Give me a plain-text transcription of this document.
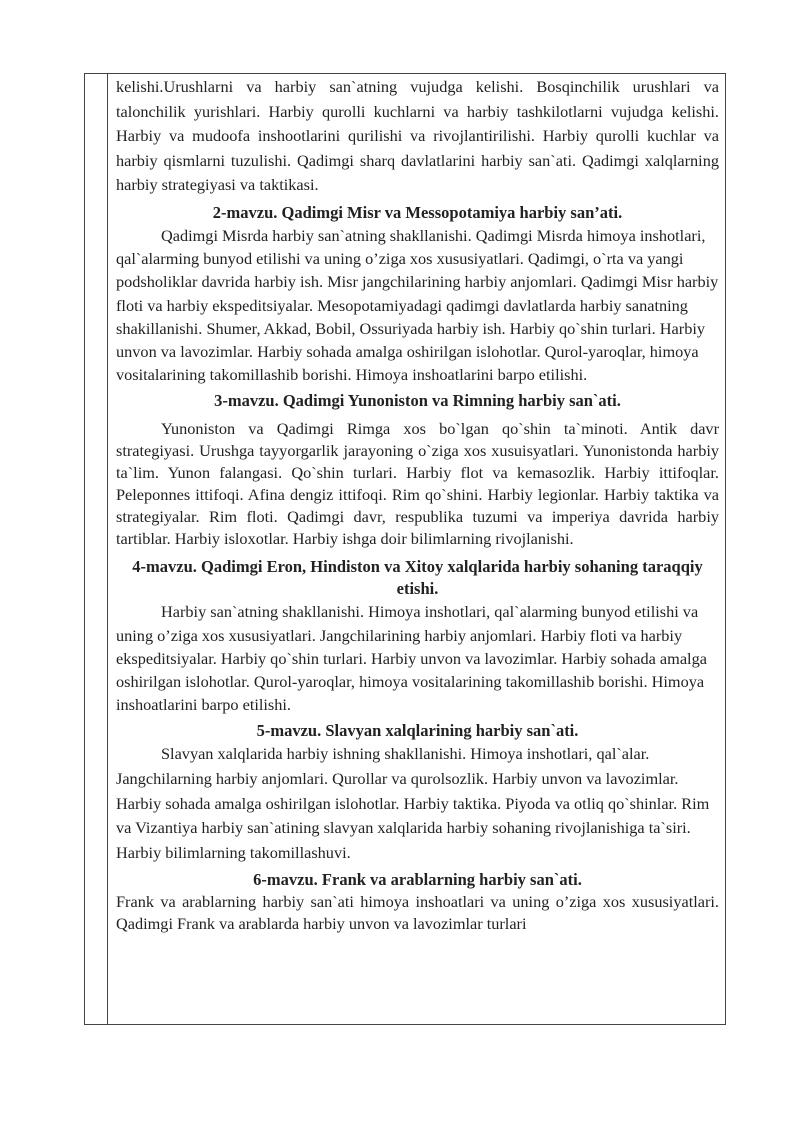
kelishi.Urushlarni va harbiy san`atning vujudga kelishi. Bosqinchilik urushlari va talonchilik yurishlari. Harbiy qurolli kuchlarni va harbiy tashkilotlarni vujudga kelishi. Harbiy va mudoofa inshootlarini qurilishi va rivojlantirilishi. Harbiy qurolli kuchlar va harbiy qismlarni tuzulishi. Qadimgi sharq davlatlarini harbiy san`ati. Qadimgi xalqlarning harbiy strategiyasi va taktikasi.

2-mavzu. Qadimgi Misr va Messopotamiya harbiy san’ati.

Qadimgi Misrda harbiy san`atning shakllanishi. Qadimgi Misrda himoya inshotlari, qal`alarming bunyod etilishi va uning o’ziga xos xususiyatlari. Qadimgi, o`rta va yangi podsholiklar davrida harbiy ish. Misr jangchilarining harbiy anjomlari. Qadimgi Misr harbiy floti va harbiy ekspeditsiyalar. Mesopotamiyadagi qadimgi davlatlarda harbiy sanatning shakillanishi. Shumer, Akkad, Bobil, Ossuriyada harbiy ish. Harbiy qo`shin turlari. Harbiy unvon va lavozimlar. Harbiy sohada amalga oshirilgan islohotlar. Qurol-yaroqlar, himoya vositalarining takomillashib borishi. Himoya inshoatlarini barpo etilishi.

3-mavzu. Qadimgi Yunoniston va Rimning harbiy san`ati.

Yunoniston va Qadimgi Rimga xos bo`lgan qo`shin ta`minoti. Antik davr strategiyasi. Urushga tayyorgarlik jarayoning o`ziga xos xusuisyatlari. Yunonistonda harbiy ta`lim. Yunon falangasi. Qo`shin turlari. Harbiy flot va kemasozlik. Harbiy ittifoqlar. Peleponnes ittifoqi. Afina dengiz ittifoqi. Rim qo`shini. Harbiy legionlar. Harbiy taktika va strategiyalar. Rim floti. Qadimgi davr, respublika tuzumi va imperiya davrida harbiy tartiblar. Harbiy isloxotlar. Harbiy ishga doir bilimlarning rivojlanishi.

4-mavzu. Qadimgi Eron, Hindiston va Xitoy xalqlarida harbiy sohaning taraqqiy etishi.

Harbiy san`atning shakllanishi. Himoya inshotlari, qal`alarming bunyod etilishi va uning o’ziga xos xususiyatlari. Jangchilarining harbiy anjomlari. Harbiy floti va harbiy ekspeditsiyalar. Harbiy qo`shin turlari. Harbiy unvon va lavozimlar. Harbiy sohada amalga oshirilgan islohotlar. Qurol-yaroqlar, himoya vositalarining takomillashib borishi. Himoya inshoatlarini barpo etilishi.

5-mavzu. Slavyan xalqlarining harbiy san`ati.

Slavyan xalqlarida harbiy ishning shakllanishi. Himoya inshotlari, qal`alar. Jangchilarning harbiy anjomlari. Qurollar va qurolsozlik. Harbiy unvon va lavozimlar. Harbiy sohada amalga oshirilgan islohotlar. Harbiy taktika. Piyoda va otliq qo`shinlar. Rim va Vizantiya harbiy san`atining slavyan xalqlarida harbiy sohaning rivojlanishiga ta`siri. Harbiy bilimlarning takomillashuvi.

6-mavzu. Frank va arablarning harbiy san`ati.

Frank va arablarning harbiy san`ati himoya inshoatlari va uning o’ziga xos xususiyatlari. Qadimgi Frank va arablarda harbiy unvon va lavozimlar turlari
